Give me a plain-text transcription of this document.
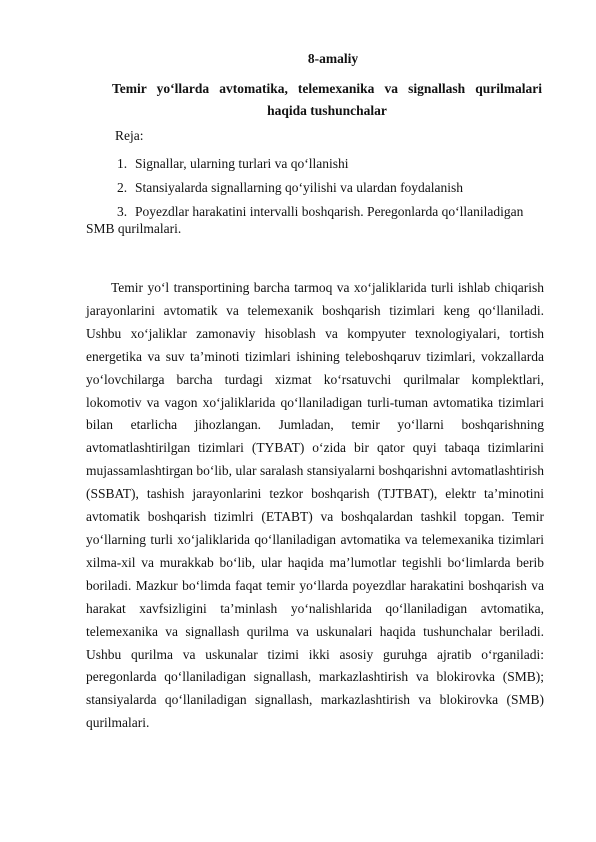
8-amaliy
Temir yo‘llarda avtomatika, telemexanika va signallash qurilmalari haqida tushunchalar
Reja:
1. Signallar, ularning turlari va qo‘llanishi
2. Stansiyalarda signallarning qo‘yilishi va ulardan foydalanish
3. Poyezdlar harakatini intervalli boshqarish. Peregonlarda qo‘llaniladigan
SMB qurilmalari.

Temir yo‘l transportining barcha tarmoq va xo‘jaliklarida turli ishlab chiqarish jarayonlarini avtomatik va telemexanik boshqarish tizimlari keng qo‘llaniladi. Ushbu xo‘jaliklar zamonaviy hisoblash va kompyuter texnologiyalari, tortish energetika va suv ta’minoti tizimlari ishining teleboshqaruv tizimlari, vokzallarda yo‘lovchilarga barcha turdagi xizmat ko‘rsatuvchi qurilmalar komplektlari, lokomotiv va vagon xo‘jaliklarida qo‘llaniladigan turli-tuman avtomatika tizimlari bilan etarlicha jihozlangan. Jumladan, temir yo‘llarni boshqarishning avtomatlashtirilgan tizimlari (TYBAT) o‘zida bir qator quyi tabaqa tizimlarini mujassamlashtirgan bo‘lib, ular saralash stansiyalarni boshqarishni avtomatlashtirish (SSBAT), tashish jarayonlarini tezkor boshqarish (TJTBAT), elektr ta’minotini avtomatik boshqarish tizimlri (ETABT) va boshqalardan tashkil topgan. Temir yo‘llarning turli xo‘jaliklarida qo‘llaniladigan avtomatika va telemexanika tizimlari xilma-xil va murakkab bo‘lib, ular haqida ma’lumotlar tegishli bo‘limlarda berib boriladi. Mazkur bo‘limda faqat temir yo‘llarda poyezdlar harakatini boshqarish va harakat xavfsizligini ta’minlash yo‘nalishlarida qo‘llaniladigan avtomatika, telemexanika va signallash qurilma va uskunalari haqida tushunchalar beriladi. Ushbu qurilma va uskunalar tizimi ikki asosiy guruhga ajratib o‘rganiladi: peregonlarda qo‘llaniladigan signallash, markazlashtirish va blokirovka (SMB); stansiyalarda qo‘llaniladigan signallash, markazlashtirish va blokirovka (SMB) qurilmalari.
